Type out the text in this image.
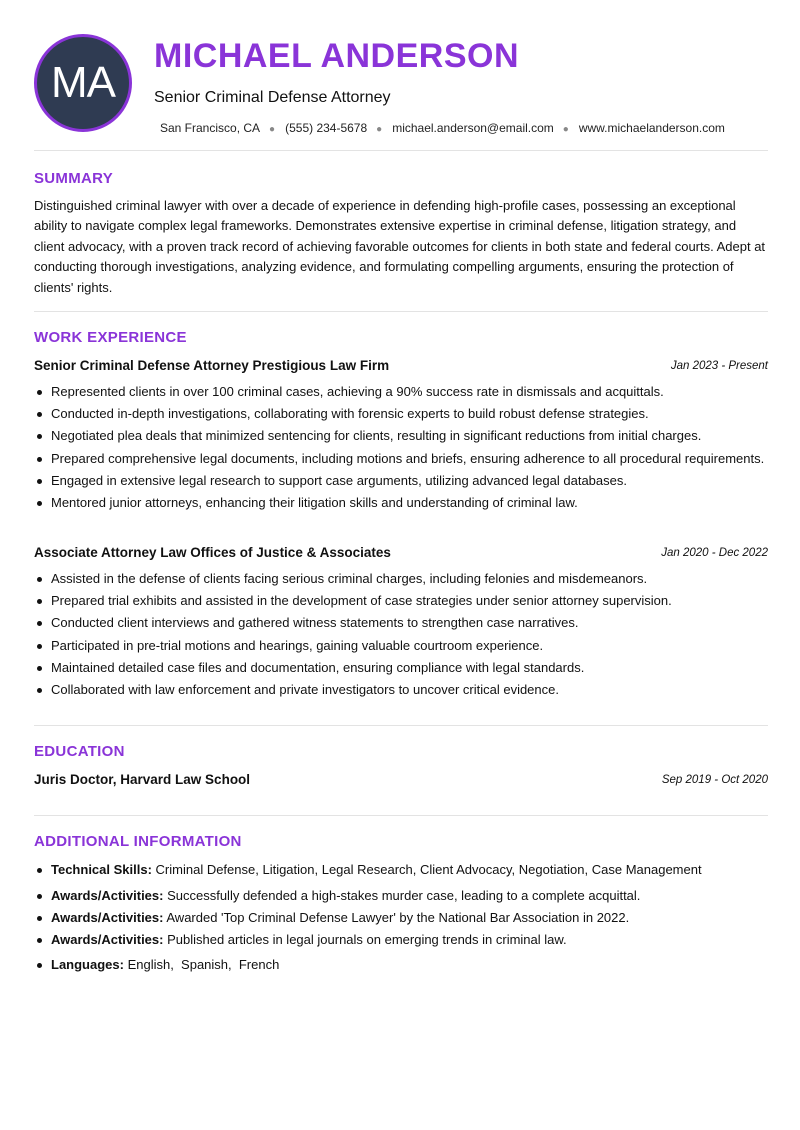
MA
MICHAEL ANDERSON
Senior Criminal Defense Attorney
San Francisco, CA ● (555) 234-5678 ● michael.anderson@email.com ● www.michaelanderson.com
SUMMARY

Distinguished criminal lawyer with over a decade of experience in defending high-profile cases, possessing an exceptional ability to navigate complex legal frameworks. Demonstrates extensive expertise in criminal defense, litigation strategy, and client advocacy, with a proven track record of achieving favorable outcomes for clients in both state and federal courts. Adept at conducting thorough investigations, analyzing evidence, and formulating compelling arguments, ensuring the protection of clients' rights.

WORK EXPERIENCE
Senior Criminal Defense Attorney Prestigious Law Firm	Jan 2023 - Present
Represented clients in over 100 criminal cases, achieving a 90% success rate in dismissals and acquittals.
Conducted in-depth investigations, collaborating with forensic experts to build robust defense strategies.
Negotiated plea deals that minimized sentencing for clients, resulting in significant reductions from initial charges.
Prepared comprehensive legal documents, including motions and briefs, ensuring adherence to all procedural requirements.
Engaged in extensive legal research to support case arguments, utilizing advanced legal databases.
Mentored junior attorneys, enhancing their litigation skills and understanding of criminal law.
Associate Attorney Law Offices of Justice & Associates	Jan 2020 - Dec 2022
Assisted in the defense of clients facing serious criminal charges, including felonies and misdemeanors.
Prepared trial exhibits and assisted in the development of case strategies under senior attorney supervision.
Conducted client interviews and gathered witness statements to strengthen case narratives.
Participated in pre-trial motions and hearings, gaining valuable courtroom experience.
Maintained detailed case files and documentation, ensuring compliance with legal standards.
Collaborated with law enforcement and private investigators to uncover critical evidence.
EDUCATION
Juris Doctor, Harvard Law School	Sep 2019 - Oct 2020
ADDITIONAL INFORMATION
Technical Skills: Criminal Defense, Litigation, Legal Research, Client Advocacy, Negotiation, Case Management
Awards/Activities: Successfully defended a high-stakes murder case, leading to a complete acquittal.
Awards/Activities: Awarded 'Top Criminal Defense Lawyer' by the National Bar Association in 2022.
Awards/Activities: Published articles in legal journals on emerging trends in criminal law.
Languages: English,  Spanish,  French
